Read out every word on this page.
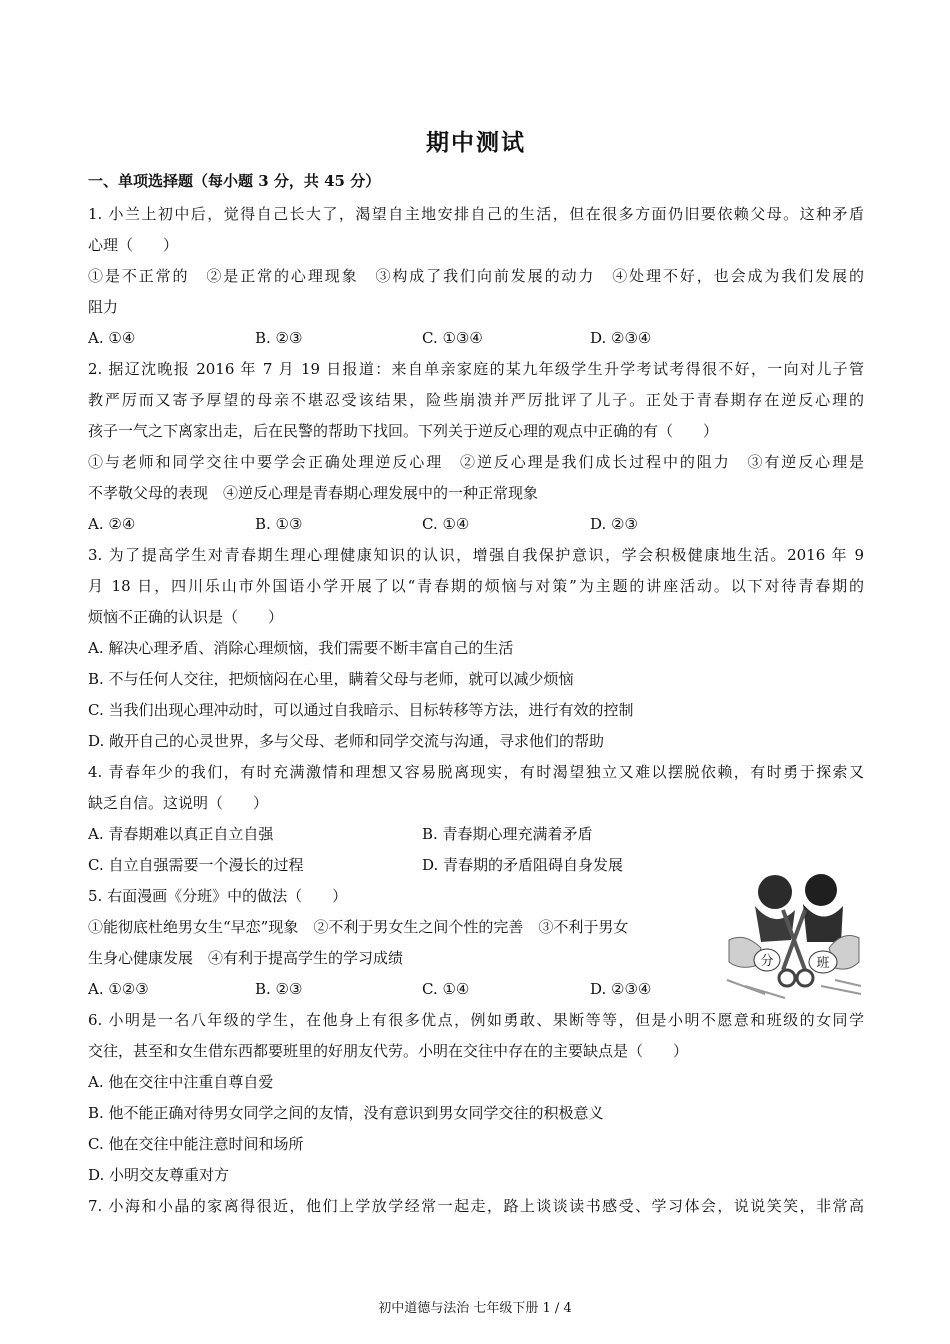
期中测试
一、单项选择题（每小题 3 分，共 45 分）
1. 小兰上初中后，觉得自己长大了，渴望自主地安排自己的生活，但在很多方面仍旧要依赖父母。这种矛盾
心理（　　）
①是不正常的　②是正常的心理现象　③构成了我们向前发展的动力　④处理不好，也会成为我们发展的
阻力
A. ①④	B. ②③	C. ①③④	D. ②③④
2. 据辽沈晚报 2016 年 7 月 19 日报道：来自单亲家庭的某九年级学生升学考试考得很不好，一向对儿子管
教严厉而又寄予厚望的母亲不堪忍受该结果，险些崩溃并严厉批评了儿子。正处于青春期存在逆反心理的
孩子一气之下离家出走，后在民警的帮助下找回。下列关于逆反心理的观点中正确的有（　　）
①与老师和同学交往中要学会正确处理逆反心理　②逆反心理是我们成长过程中的阻力　③有逆反心理是
不孝敬父母的表现　④逆反心理是青春期心理发展中的一种正常现象
A. ②④	B. ①③	C. ①④	D. ②③
3. 为了提高学生对青春期生理心理健康知识的认识，增强自我保护意识，学会积极健康地生活。2016 年 9
月 18 日，四川乐山市外国语小学开展了以“青春期的烦恼与对策”为主题的讲座活动。以下对待青春期的
烦恼不正确的认识是（　　）
A. 解决心理矛盾、消除心理烦恼，我们需要不断丰富自己的生活
B. 不与任何人交往，把烦恼闷在心里，瞒着父母与老师，就可以减少烦恼
C. 当我们出现心理冲动时，可以通过自我暗示、目标转移等方法，进行有效的控制
D. 敞开自己的心灵世界，多与父母、老师和同学交流与沟通，寻求他们的帮助
4. 青春年少的我们，有时充满激情和理想又容易脱离现实，有时渴望独立又难以摆脱依赖，有时勇于探索又
缺乏自信。这说明（　　）
A. 青春期难以真正自立自强	B. 青春期心理充满着矛盾
C. 自立自强需要一个漫长的过程	D. 青春期的矛盾阻碍自身发展
5. 右面漫画《分班》中的做法（　　）
①能彻底杜绝男女生“早恋”现象　②不利于男女生之间个性的完善　③不利于男女
生身心健康发展　④有利于提高学生的学习成绩
A. ①②③	B. ②③	C. ①④	D. ②③④
6. 小明是一名八年级的学生，在他身上有很多优点，例如勇敢、果断等等，但是小明不愿意和班级的女同学
交往，甚至和女生借东西都要班里的好朋友代劳。小明在交往中存在的主要缺点是（　　）
A. 他在交往中注重自尊自爱
B. 他不能正确对待男女同学之间的友情，没有意识到男女同学交往的积极意义
C. 他在交往中能注意时间和场所
D. 小明交友尊重对方
7. 小海和小晶的家离得很近，他们上学放学经常一起走，路上谈谈读书感受、学习体会，说说笑笑，非常高
分	班
初中道德与法治 七年级下册 1 / 4
